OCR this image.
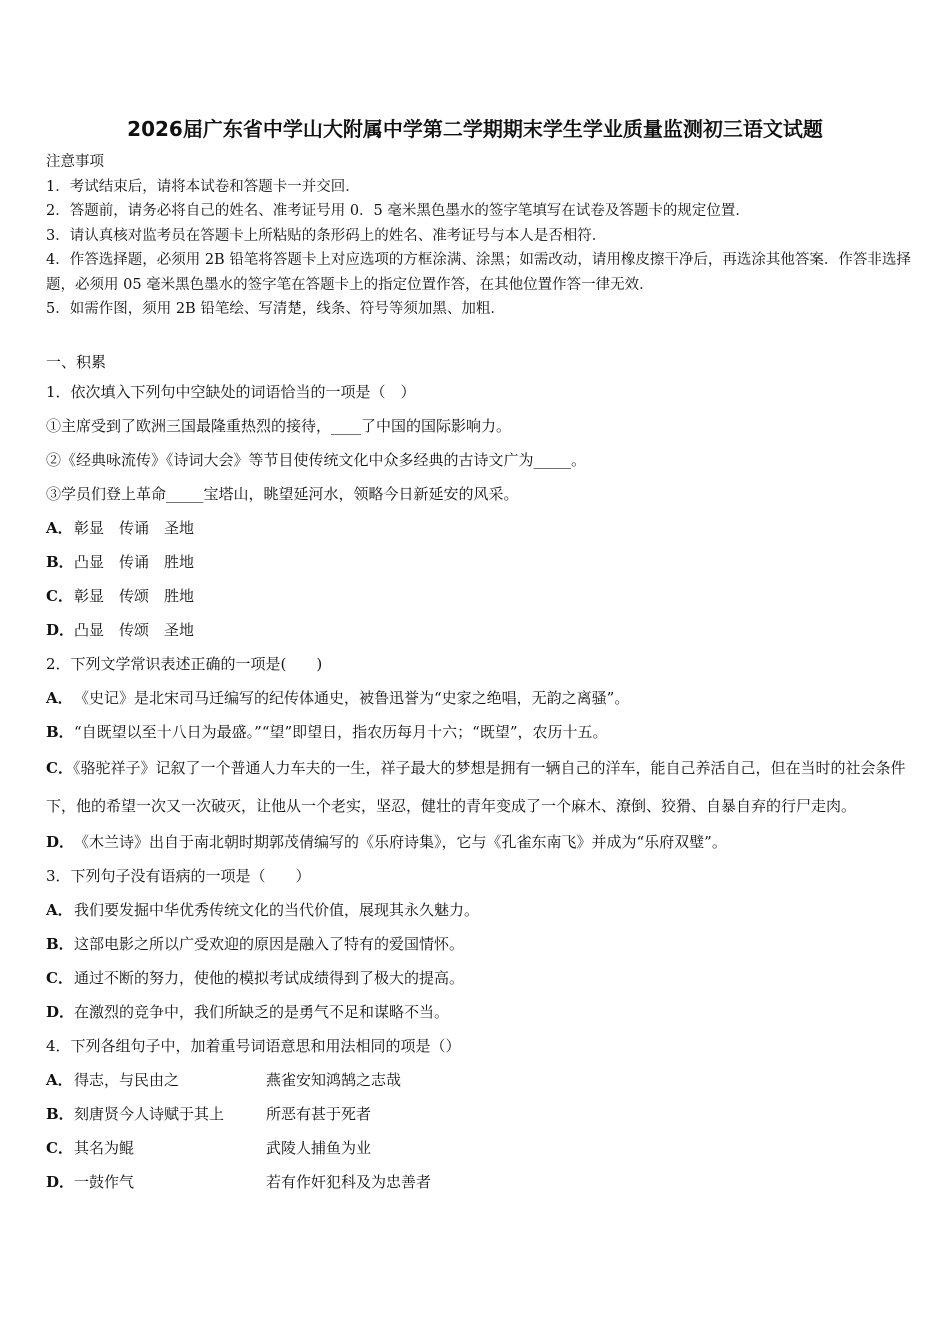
2026届广东省中学山大附属中学第二学期期末学生学业质量监测初三语文试题

注意事项

1．考试结束后，请将本试卷和答题卡一并交回．

2．答题前，请务必将自己的姓名、准考证号用 0．5 毫米黑色墨水的签字笔填写在试卷及答题卡的规定位置．

3．请认真核对监考员在答题卡上所粘贴的条形码上的姓名、准考证号与本人是否相符．

4．作答选择题，必须用 2B 铅笔将答题卡上对应选项的方框涂满、涂黑；如需改动，请用橡皮擦干净后，再选涂其他答案．作答非选择题，必须用 05 毫米黑色墨水的签字笔在答题卡上的指定位置作答，在其他位置作答一律无效．

5．如需作图，须用 2B 铅笔绘、写清楚，线条、符号等须加黑、加粗．

一、积累
1．依次填入下列句中空缺处的词语恰当的一项是（　）
①主席受到了欧洲三国最隆重热烈的接待，____了中国的国际影响力。
②《经典咏流传》《诗词大会》等节目使传统文化中众多经典的古诗文广为_____。
③学员们登上革命_____宝塔山，眺望延河水，领略今日新延安的风采。
A．彰显　传诵　圣地
B．凸显　传诵　胜地
C．彰显　传颂　胜地
D．凸显　传颂　圣地
2．下列文学常识表述正确的一项是(　　)
A．《史记》是北宋司马迁编写的纪传体通史，被鲁迅誉为“史家之绝唱，无韵之离骚”。
B．“自既望以至十八日为最盛。”“望”即望日，指农历每月十六；“既望”，农历十五。

C．《骆驼祥子》记叙了一个普通人力车夫的一生，祥子最大的梦想是拥有一辆自己的洋车，能自己养活自己，但在当时的社会条件下，他的希望一次又一次破灭，让他从一个老实，坚忍，健壮的青年变成了一个麻木、潦倒、狡猾、自暴自弃的行尸走肉。

D．《木兰诗》出自于南北朝时期郭茂倩编写的《乐府诗集》，它与《孔雀东南飞》并成为“乐府双璧”。
3．下列句子没有语病的一项是（　　）
A．我们要发掘中华优秀传统文化的当代价值，展现其永久魅力。
B．这部电影之所以广受欢迎的原因是融入了特有的爱国情怀。
C．通过不断的努力，使他的模拟考试成绩得到了极大的提高。
D．在激烈的竞争中，我们所缺乏的是勇气不足和谋略不当。
4．下列各组句子中，加着重号词语意思和用法相同的项是（）
A．得志，与民由之	燕雀安知鸿鹄之志哉
B．刻唐贤今人诗赋于其上	所恶有甚于死者
C．其名为鲲	武陵人捕鱼为业
D．一鼓作气	若有作奸犯科及为忠善者
